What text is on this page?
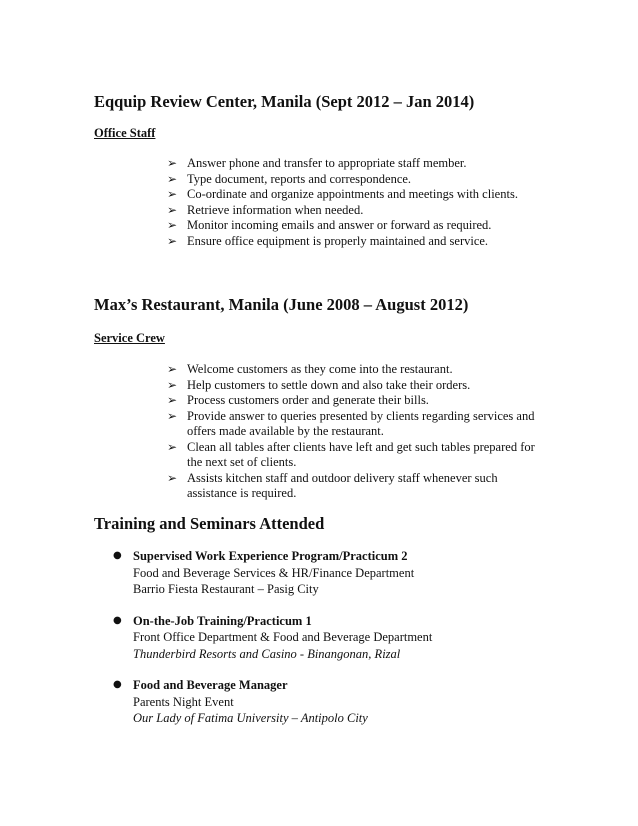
Eqquip Review Center, Manila (Sept 2012 – Jan 2014)

Office Staff

➢ Answer phone and transfer to appropriate staff member.
➢ Type document, reports and correspondence.
➢ Co-ordinate and organize appointments and meetings with clients.
➢ Retrieve information when needed.
➢ Monitor incoming emails and answer or forward as required.
➢ Ensure office equipment is properly maintained and service.
Max’s Restaurant, Manila (June 2008 – August 2012)

Service Crew

➢ Welcome customers as they come into the restaurant.
➢ Help customers to settle down and also take their orders.
➢ Process customers order and generate their bills.
➢ Provide answer to queries presented by clients regarding services and offers made available by the restaurant.
➢ Clean all tables after clients have left and get such tables prepared for the next set of clients.
➢ Assists kitchen staff and outdoor delivery staff whenever such assistance is required.
Training and Seminars Attended
● Supervised Work Experience Program/Practicum 2
Food and Beverage Services & HR/Finance Department
Barrio Fiesta Restaurant – Pasig City
● On-the-Job Training/Practicum 1
Front Office Department & Food and Beverage Department
Thunderbird Resorts and Casino - Binangonan, Rizal
● Food and Beverage Manager
Parents Night Event
Our Lady of Fatima University – Antipolo City
